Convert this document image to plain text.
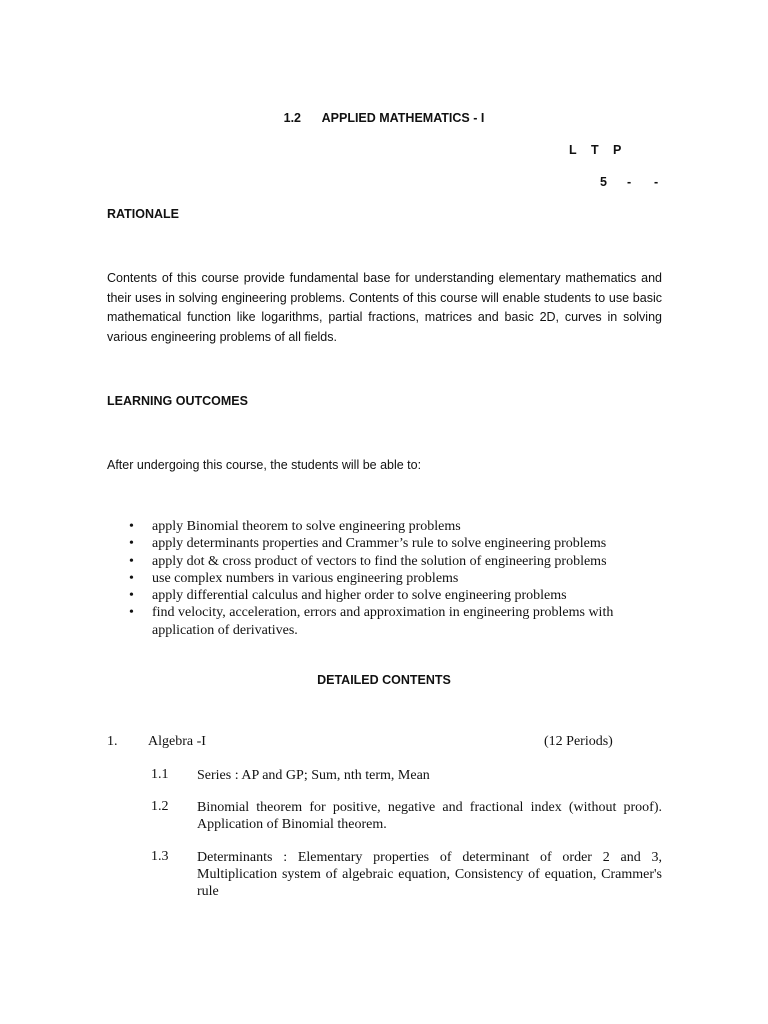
1.2 APPLIED MATHEMATICS - I
L T P
5 - -
RATIONALE
Contents of this course provide fundamental base for understanding elementary mathematics and their uses in solving engineering problems. Contents of this course will enable students to use basic mathematical function like logarithms, partial fractions, matrices and basic 2D, curves in solving various engineering problems of all fields.
LEARNING OUTCOMES
After undergoing this course, the students will be able to:
• apply Binomial theorem to solve engineering problems
• apply determinants properties and Crammer’s rule to solve engineering problems
• apply dot & cross product of vectors to find the solution of engineering problems
• use complex numbers in various engineering problems
• apply differential calculus and higher order to solve engineering problems
• find velocity, acceleration, errors and approximation in engineering problems with application of derivatives.
DETAILED CONTENTS
1. Algebra -I	(12 Periods)
1.1 Series : AP and GP; Sum, nth term, Mean
1.2 Binomial theorem for positive, negative and fractional index (without proof). Application of Binomial theorem.
1.3 Determinants : Elementary properties of determinant of order 2 and 3, Multiplication system of algebraic equation, Consistency of equation, Crammer's rule
